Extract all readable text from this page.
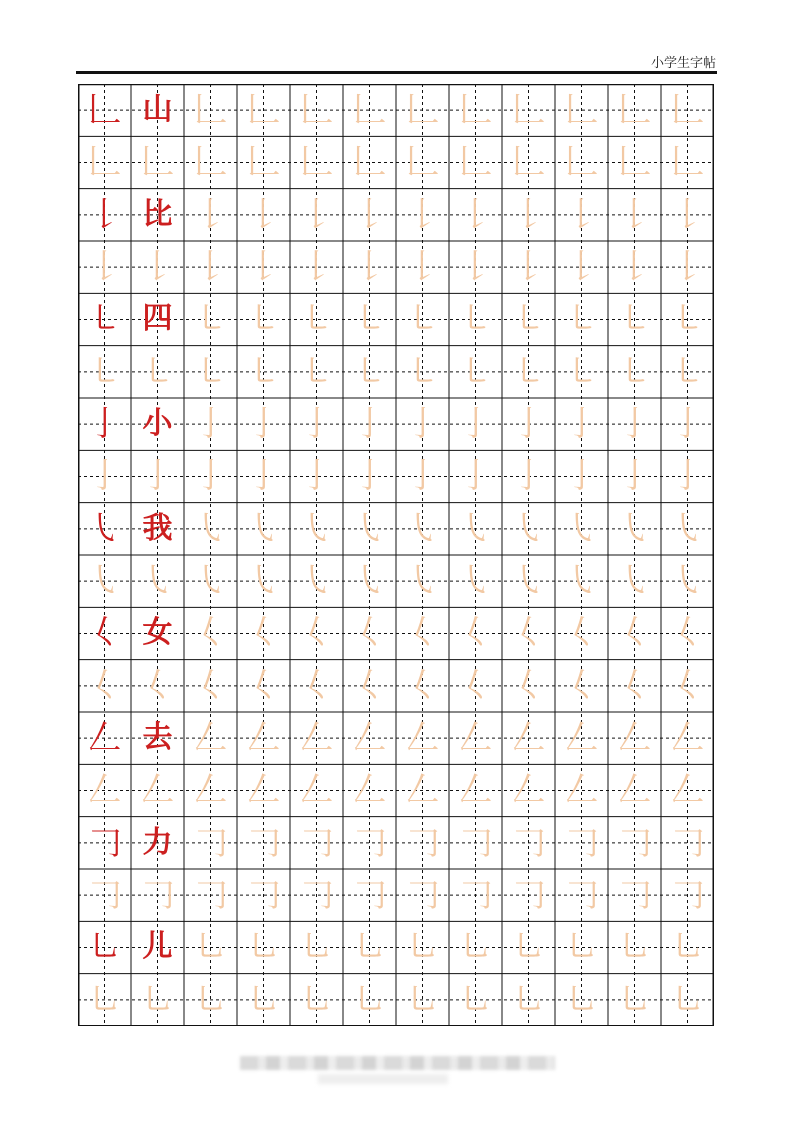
小学生字帖
𠃊 山 𠃊 𠃊 𠃊 𠃊 𠃊 𠃊 𠃊 𠃊 𠃊 𠃊
𠃊 𠃊 𠃊 𠃊 𠃊 𠃊 𠃊 𠃊 𠃊 𠃊 𠃊 𠃊
𠄌 比 𠄌 𠄌 𠄌 𠄌 𠄌 𠄌 𠄌 𠄌 𠄌 𠄌
𠄌 𠄌 𠄌 𠄌 𠄌 𠄌 𠄌 𠄌 𠄌 𠄌 𠄌 𠄌
㇄ 四 ㇄ ㇄ ㇄ ㇄ ㇄ ㇄ ㇄ ㇄ ㇄ ㇄
㇄ ㇄ ㇄ ㇄ ㇄ ㇄ ㇄ ㇄ ㇄ ㇄ ㇄ ㇄
亅 小 亅 亅 亅 亅 亅 亅 亅 亅 亅 亅
亅 亅 亅 亅 亅 亅 亅 亅 亅 亅 亅 亅
㇂ 我 ㇂ ㇂ ㇂ ㇂ ㇂ ㇂ ㇂ ㇂ ㇂ ㇂
㇂ ㇂ ㇂ ㇂ ㇂ ㇂ ㇂ ㇂ ㇂ ㇂ ㇂ ㇂
𡿨 女 𡿨 𡿨 𡿨 𡿨 𡿨 𡿨 𡿨 𡿨 𡿨 𡿨
𡿨 𡿨 𡿨 𡿨 𡿨 𡿨 𡿨 𡿨 𡿨 𡿨 𡿨 𡿨
𠃋 去 𠃋 𠃋 𠃋 𠃋 𠃋 𠃋 𠃋 𠃋 𠃋 𠃋
𠃋 𠃋 𠃋 𠃋 𠃋 𠃋 𠃋 𠃋 𠃋 𠃋 𠃋 𠃋
𠃌 力 𠃌 𠃌 𠃌 𠃌 𠃌 𠃌 𠃌 𠃌 𠃌 𠃌
𠃌 𠃌 𠃌 𠃌 𠃌 𠃌 𠃌 𠃌 𠃌 𠃌 𠃌 𠃌
㇟ 儿 ㇟ ㇟ ㇟ ㇟ ㇟ ㇟ ㇟ ㇟ ㇟ ㇟
㇟ ㇟ ㇟ ㇟ ㇟ ㇟ ㇟ ㇟ ㇟ ㇟ ㇟ ㇟
